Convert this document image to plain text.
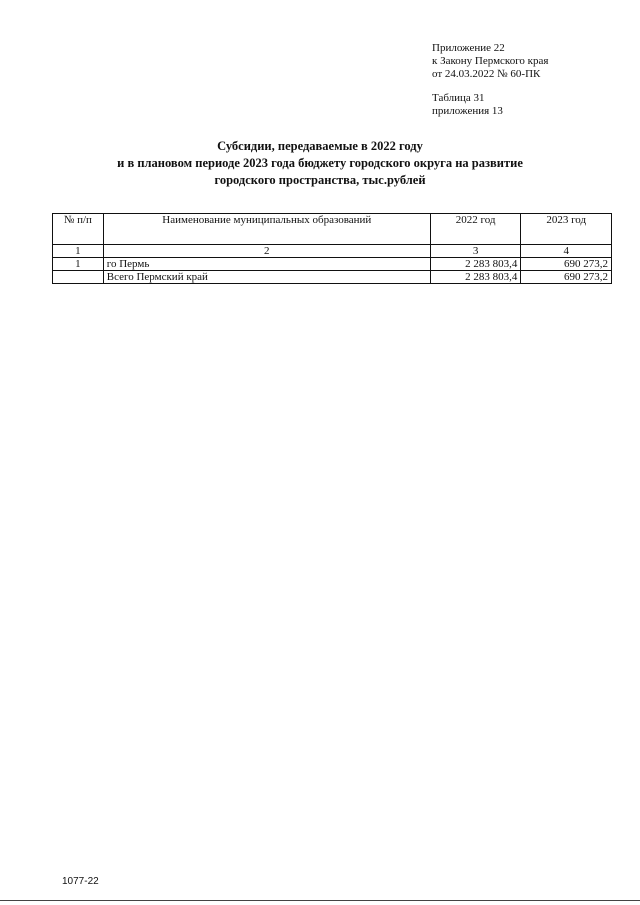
Приложение 22
к Закону Пермского края
от 24.03.2022 № 60-ПК
Таблица 31
приложения 13
Субсидии, передаваемые в 2022 году
и в плановом периоде 2023 года бюджету городского округа на развитие
городского пространства, тыс.рублей
№ п/п	Наименование муниципальных образований	2022 год	2023 год
1	2	3	4
1	го Пермь	2 283 803,4	690 273,2
	Всего Пермский край	2 283 803,4	690 273,2
1077-22
